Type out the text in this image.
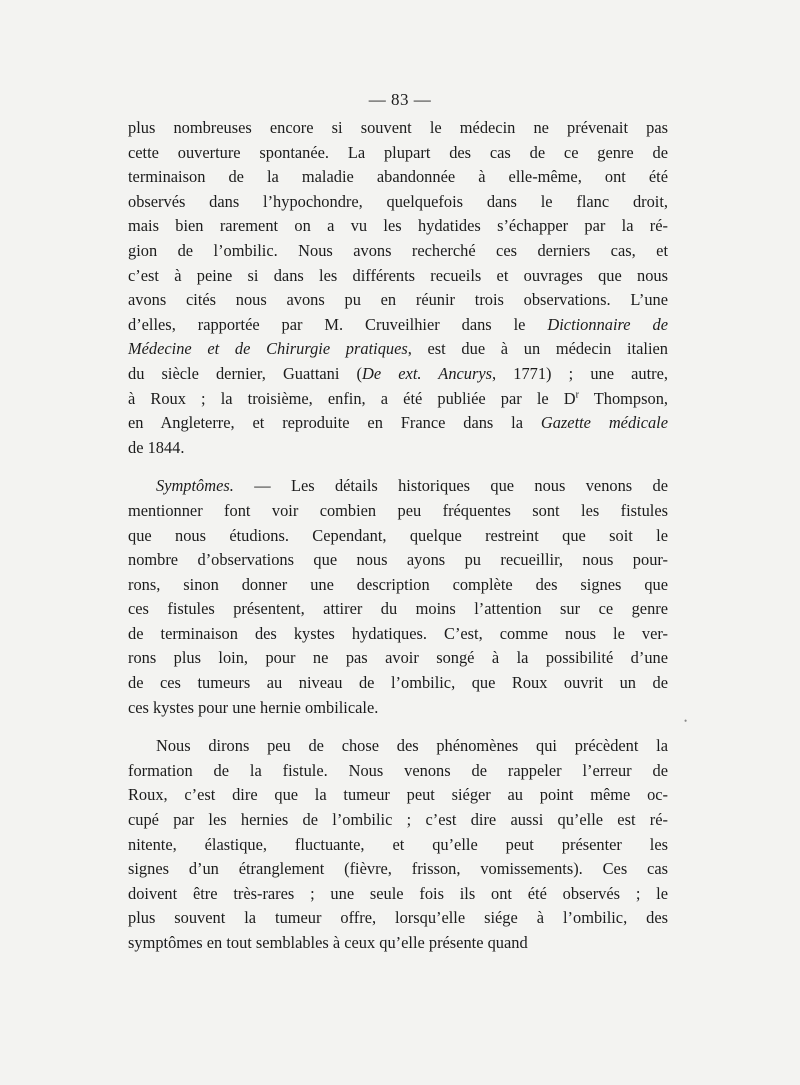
— 83 —
plus nombreuses encore si souvent le médecin ne prévenait pas
cette ouverture spontanée. La plupart des cas de ce genre de
terminaison de la maladie abandonnée à elle-même, ont été
observés dans l’hypochondre, quelquefois dans le flanc droit,
mais bien rarement on a vu les hydatides s’échapper par la ré-
gion de l’ombilic. Nous avons recherché ces derniers cas, et
c’est à peine si dans les différents recueils et ouvrages que nous
avons cités nous avons pu en réunir trois observations. L’une
d’elles, rapportée par M. Cruveilhier dans le Dictionnaire de
Médecine et de Chirurgie pratiques, est due à un médecin italien
du siècle dernier, Guattani (De ext. Ancurys, 1771) ; une autre,
à Roux ; la troisième, enfin, a été publiée par le $D^r$ Thompson,
en Angleterre, et reproduite en France dans la Gazette médicale
de 1844.
Symptômes. — Les détails historiques que nous venons de
mentionner font voir combien peu fréquentes sont les fistules
que nous étudions. Cependant, quelque restreint que soit le
nombre d’observations que nous ayons pu recueillir, nous pour-
rons, sinon donner une description complète des signes que
ces fistules présentent, attirer du moins l’attention sur ce genre
de terminaison des kystes hydatiques. C’est, comme nous le ver-
rons plus loin, pour ne pas avoir songé à la possibilité d’une
de ces tumeurs au niveau de l’ombilic, que Roux ouvrit un de
ces kystes pour une hernie ombilicale.
Nous dirons peu de chose des phénomènes qui précèdent la
formation de la fistule. Nous venons de rappeler l’erreur de
Roux, c’est dire que la tumeur peut siéger au point même oc-
cupé par les hernies de l’ombilic ; c’est dire aussi qu’elle est ré-
nitente, élastique, fluctuante, et qu’elle peut présenter les
signes d’un étranglement (fièvre, frisson, vomissements). Ces cas
doivent être très-rares ; une seule fois ils ont été observés ; le
plus souvent la tumeur offre, lorsqu’elle siége à l’ombilic, des
symptômes en tout semblables à ceux qu’elle présente quand
•
